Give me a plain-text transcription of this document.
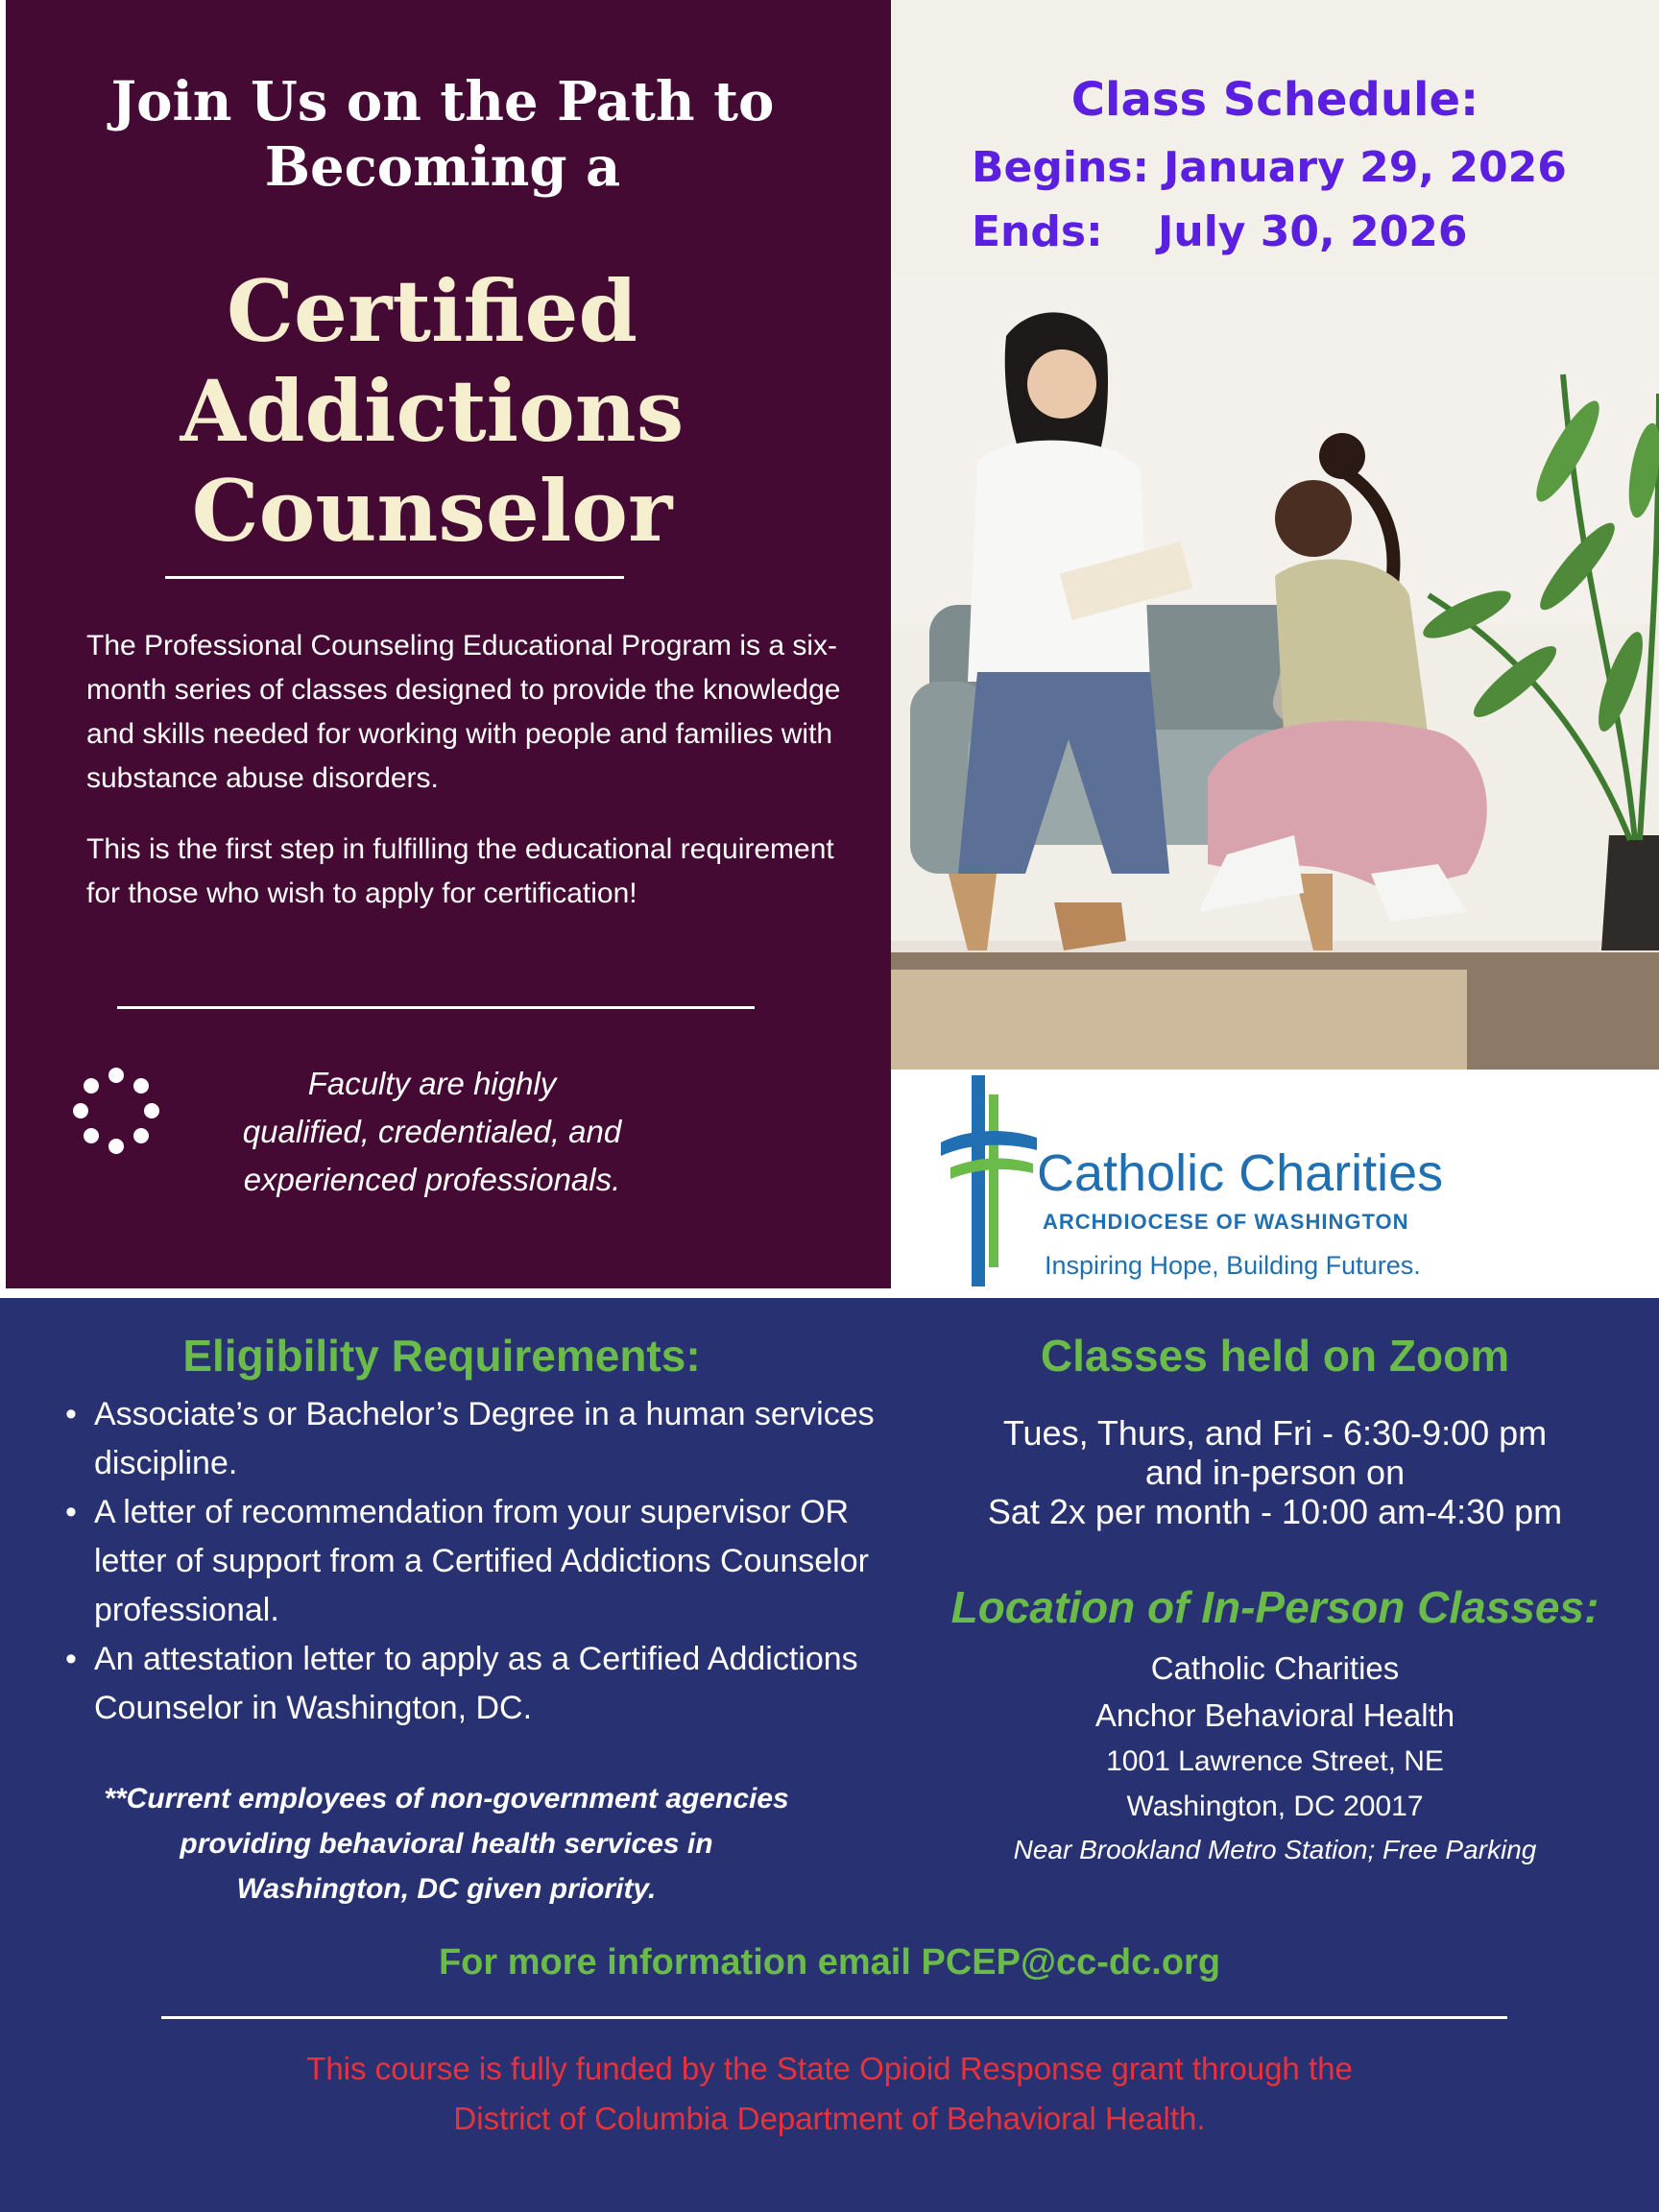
Join Us on the Path to
Becoming a
Certified
Addictions
Counselor
The Professional Counseling Educational Program is a six-month series of classes designed to provide the knowledge and skills needed for working with people and families with substance abuse disorders.
This is the first step in fulfilling the educational requirement for those who wish to apply for certification!
Faculty are highly
qualified, credentialed, and
experienced professionals.
Class Schedule:
Begins: January 29, 2026
Ends: July 30, 2026
Catholic Charities
ARCHDIOCESE OF WASHINGTON
Inspiring Hope, Building Futures.
Eligibility Requirements:
• Associate’s or Bachelor’s Degree in a human services discipline.
• A letter of recommendation from your supervisor OR letter of support from a Certified Addictions Counselor professional.
• An attestation letter to apply as a Certified Addictions Counselor in Washington, DC.
**Current employees of non-government agencies
providing behavioral health services in
Washington, DC given priority.
Classes held on Zoom
Tues, Thurs, and Fri - 6:30-9:00 pm
and in-person on
Sat 2x per month - 10:00 am-4:30 pm
Location of In-Person Classes:
Catholic Charities
Anchor Behavioral Health
1001 Lawrence Street, NE
Washington, DC 20017
Near Brookland Metro Station; Free Parking
For more information email PCEP@cc-dc.org
This course is fully funded by the State Opioid Response grant through the
District of Columbia Department of Behavioral Health.
